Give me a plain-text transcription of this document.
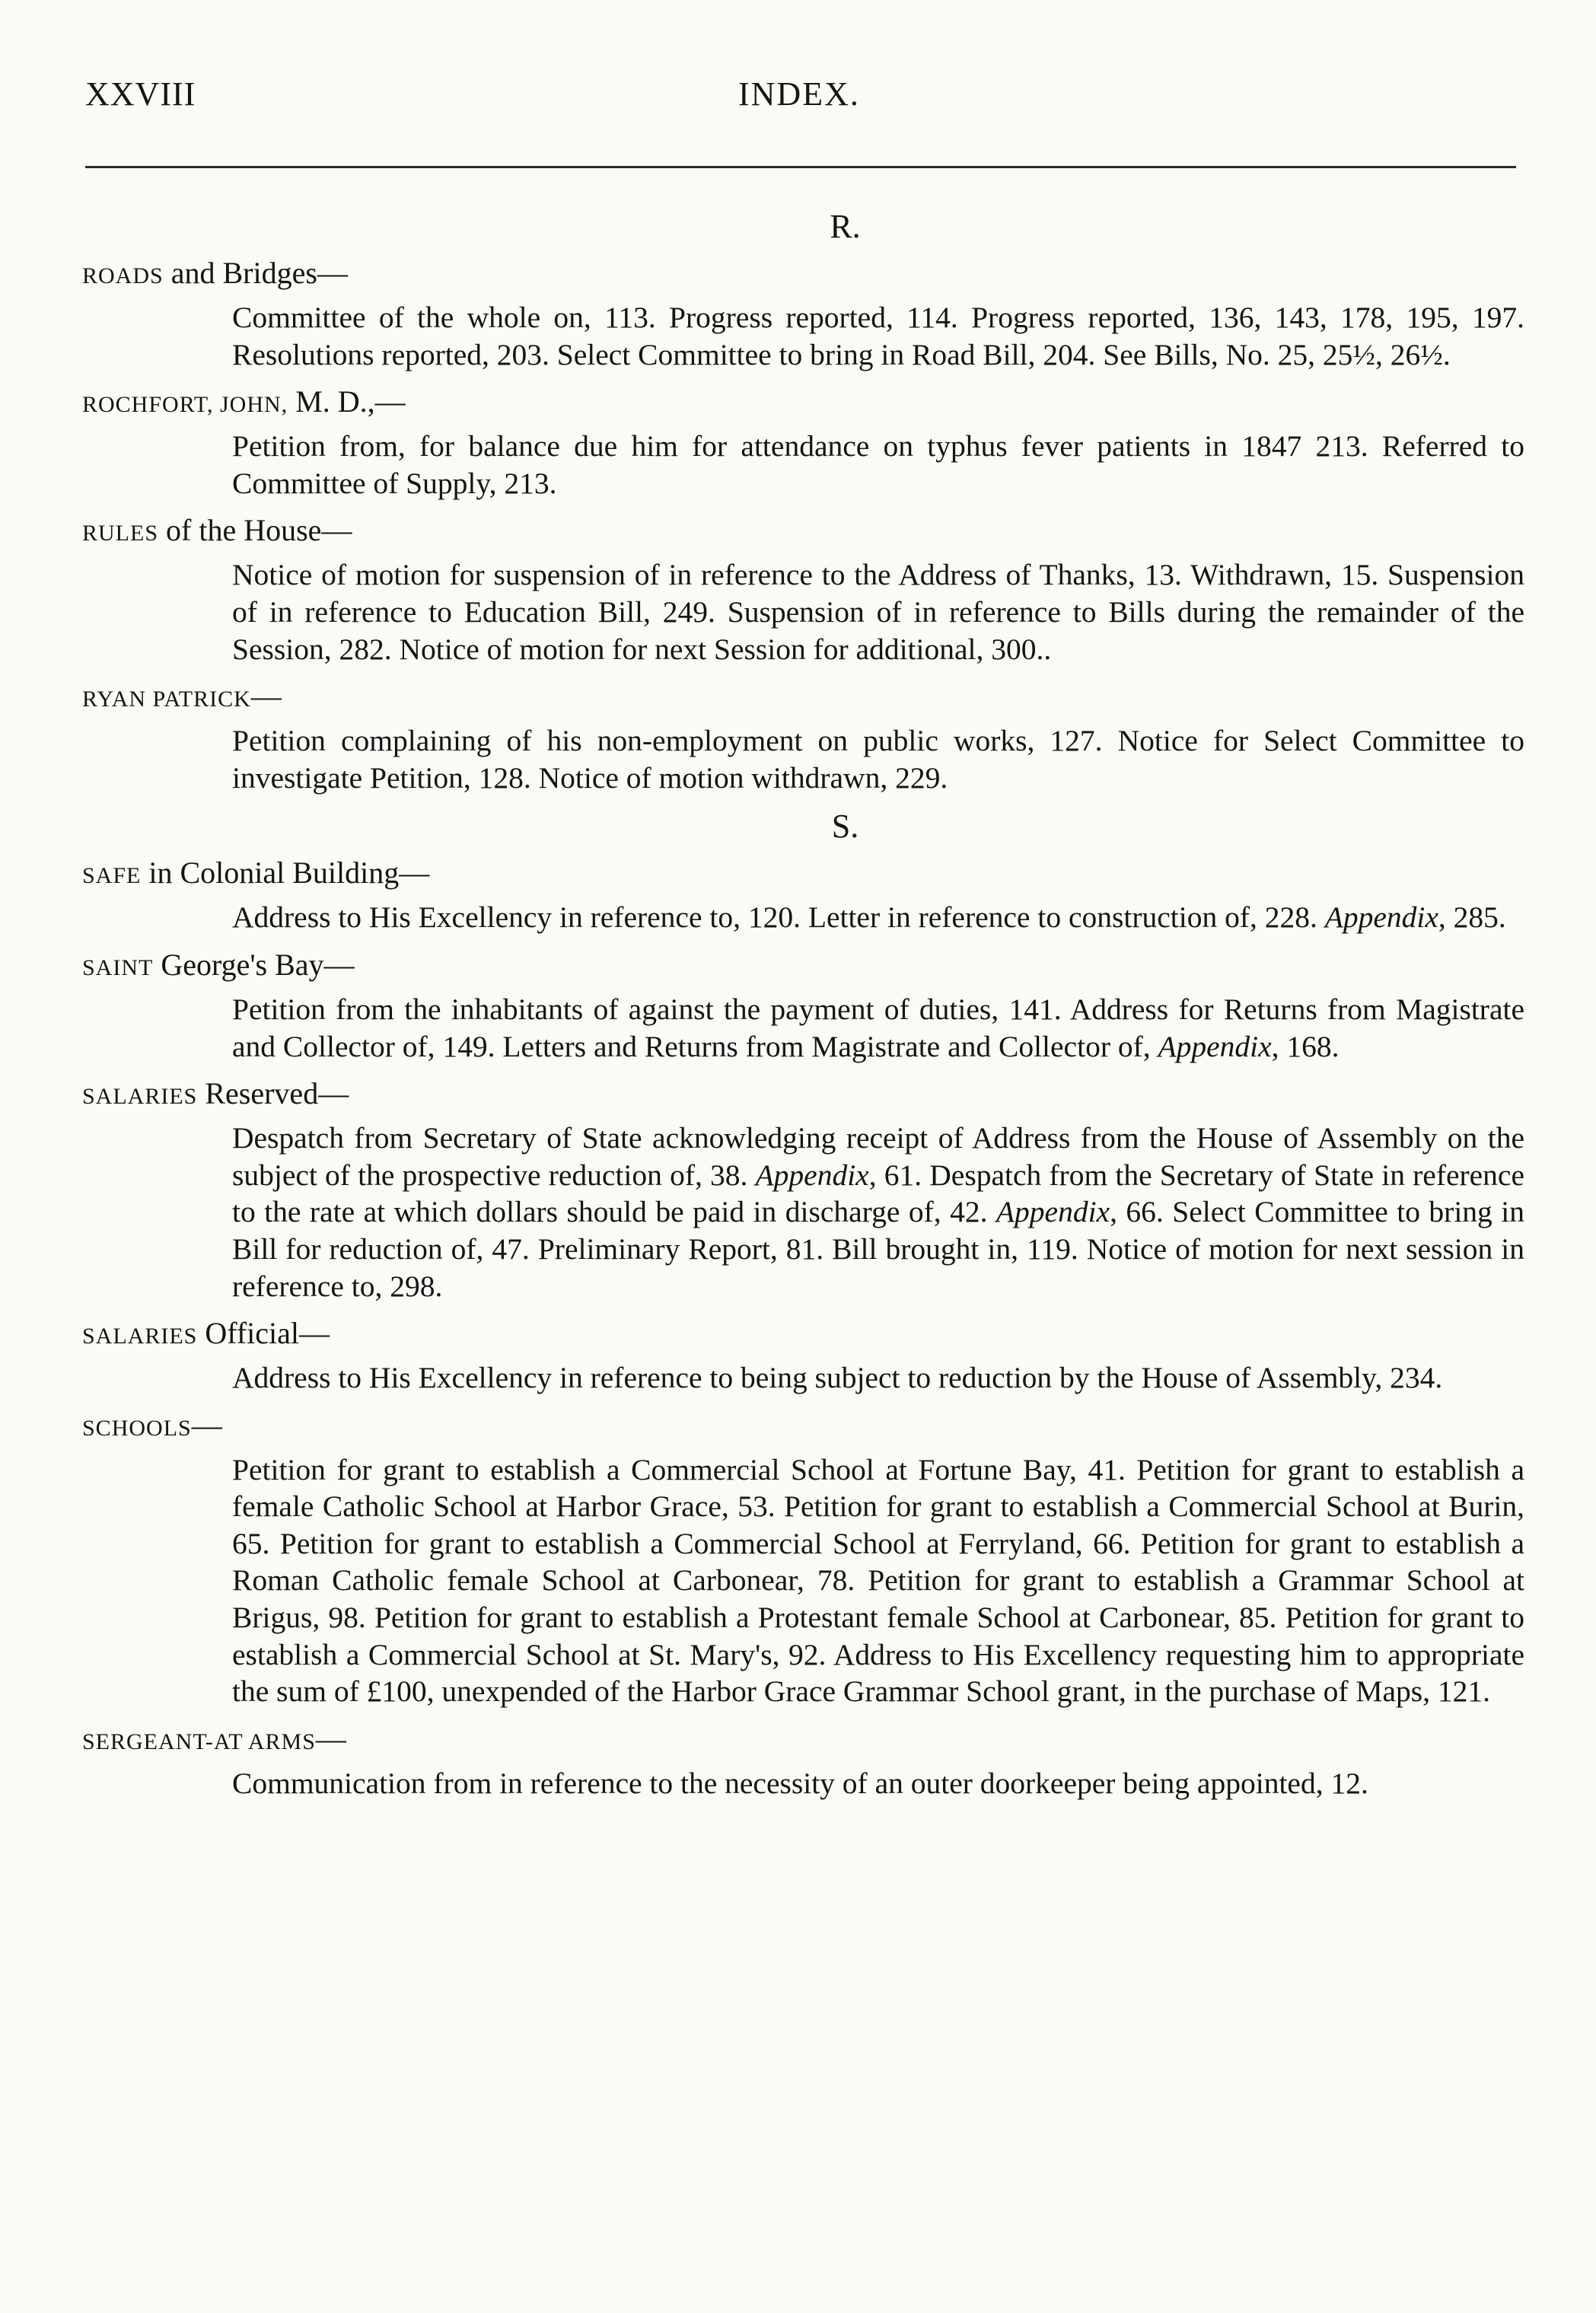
XXVIII	INDEX.
R.
ROADS and Bridges—
Committee of the whole on, 113. Progress reported, 114. Progress reported, 136, 143, 178, 195, 197. Resolutions reported, 203. Select Committee to bring in Road Bill, 204. See Bills, No. 25, 25½, 26½.
ROCHFORT, JOHN, M. D.,—
Petition from, for balance due him for attendance on typhus fever patients in 1847 213. Referred to Committee of Supply, 213.
RULES of the House—
Notice of motion for suspension of in reference to the Address of Thanks, 13. Withdrawn, 15. Suspension of in reference to Education Bill, 249. Suspension of in reference to Bills during the remainder of the Session, 282. Notice of motion for next Session for additional, 300..
RYAN PATRICK—
Petition complaining of his non-employment on public works, 127. Notice for Select Committee to investigate Petition, 128. Notice of motion withdrawn, 229.
S.
SAFE in Colonial Building—
Address to His Excellency in reference to, 120. Letter in reference to construction of, 228. Appendix, 285.
SAINT George's Bay—
Petition from the inhabitants of against the payment of duties, 141. Address for Returns from Magistrate and Collector of, 149. Letters and Returns from Magistrate and Collector of, Appendix, 168.
SALARIES Reserved—
Despatch from Secretary of State acknowledging receipt of Address from the House of Assembly on the subject of the prospective reduction of, 38. Appendix, 61. Despatch from the Secretary of State in reference to the rate at which dollars should be paid in discharge of, 42. Appendix, 66. Select Committee to bring in Bill for reduction of, 47. Preliminary Report, 81. Bill brought in, 119. Notice of motion for next session in reference to, 298.
SALARIES Official—
Address to His Excellency in reference to being subject to reduction by the House of Assembly, 234.
SCHOOLS—
Petition for grant to establish a Commercial School at Fortune Bay, 41. Petition for grant to establish a female Catholic School at Harbor Grace, 53. Petition for grant to establish a Commercial School at Burin, 65. Petition for grant to establish a Commercial School at Ferryland, 66. Petition for grant to establish a Roman Catholic female School at Carbonear, 78. Petition for grant to establish a Grammar School at Brigus, 98. Petition for grant to establish a Protestant female School at Carbonear, 85. Petition for grant to establish a Commercial School at St. Mary's, 92. Address to His Excellency requesting him to appropriate the sum of £100, unexpended of the Harbor Grace Grammar School grant, in the purchase of Maps, 121.
SERGEANT-AT ARMS—
Communication from in reference to the necessity of an outer doorkeeper being appointed, 12.
